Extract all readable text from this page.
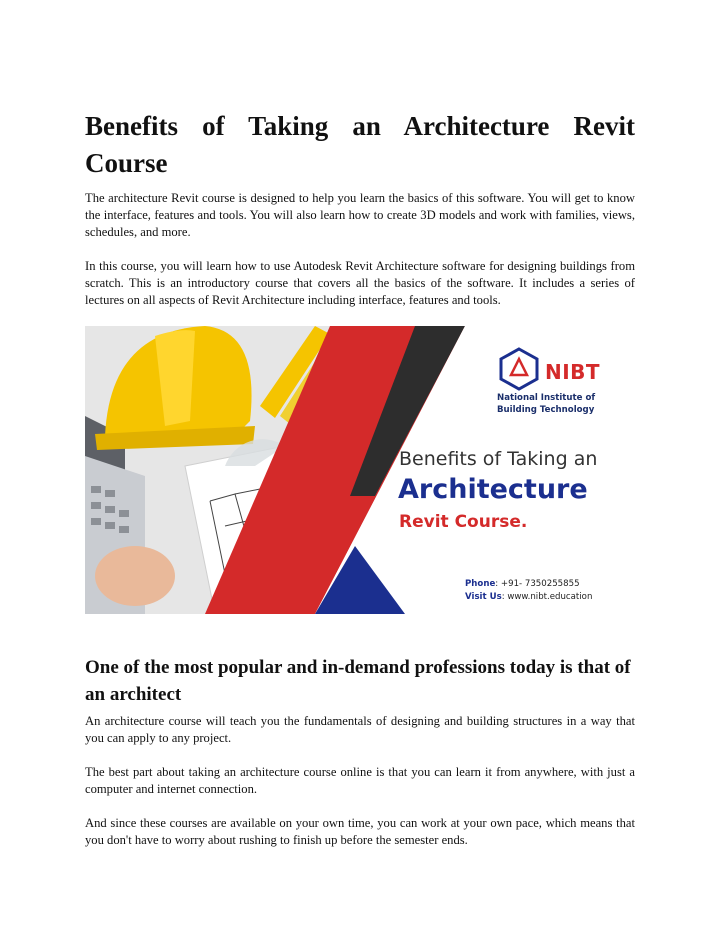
Benefits of Taking an Architecture Revit Course

The architecture Revit course is designed to help you learn the basics of this software. You will get to know the interface, features and tools. You will also learn how to create 3D models and work with families, views, schedules, and more.

In this course, you will learn how to use Autodesk Revit Architecture software for designing buildings from scratch. This is an introductory course that covers all the basics of the software. It includes a series of lectures on all aspects of Revit Architecture including interface, features and tools.

NIBT
National Institute of Building Technology
Benefits of Taking an
Architecture
Revit Course.
Phone: +91- 7350255855
Visit Us: www.nibt.education
One of the most popular and in-demand professions today is that of an architect

An architecture course will teach you the fundamentals of designing and building structures in a way that you can apply to any project.

The best part about taking an architecture course online is that you can learn it from anywhere, with just a computer and internet connection.

And since these courses are available on your own time, you can work at your own pace, which means that you don't have to worry about rushing to finish up before the semester ends.
